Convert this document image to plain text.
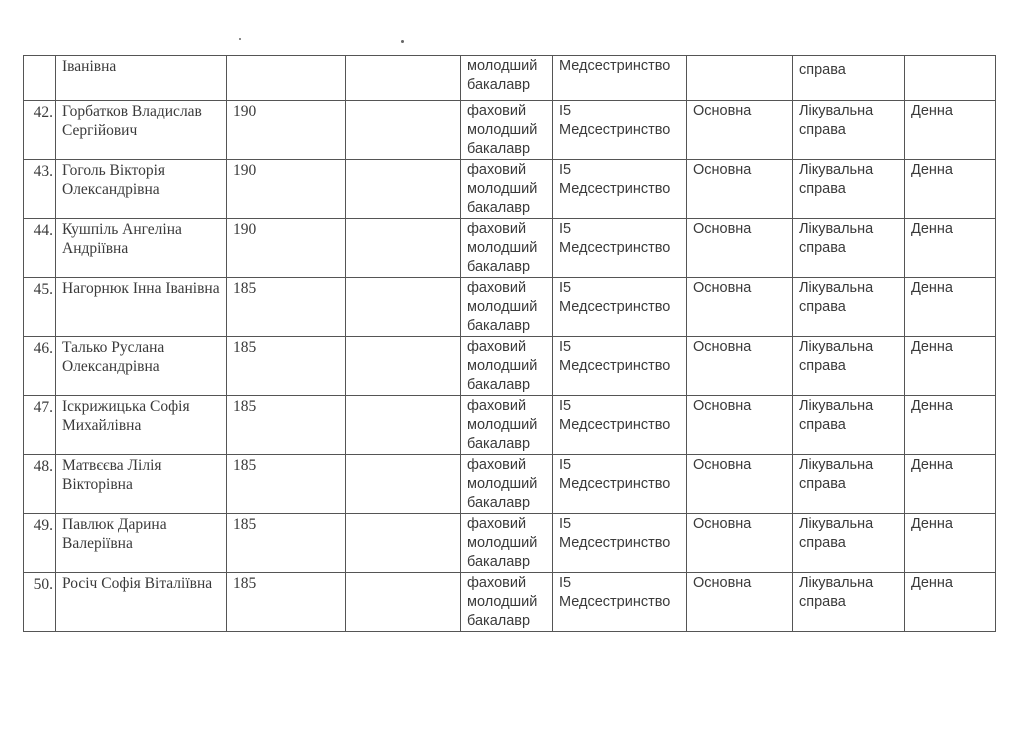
	Іванівна			молодший
бакалавр	Медсестринство		справа	

42.	Горбатков Владислав Сергійович	190		фаховий
молодший
бакалавр	I5
Медсестринство	Основна	Лікувальна
справа	Денна
43.	Гоголь Вікторія Олександрівна	190		фаховий
молодший
бакалавр	I5
Медсестринство	Основна	Лікувальна
справа	Денна
44.	Кушпіль Ангеліна Андріївна	190		фаховий
молодший
бакалавр	I5
Медсестринство	Основна	Лікувальна
справа	Денна
45.	Нагорнюк Інна Іванівна	185		фаховий
молодший
бакалавр	I5
Медсестринство	Основна	Лікувальна
справа	Денна
46.	Талько Руслана Олександрівна	185		фаховий
молодший
бакалавр	I5
Медсестринство	Основна	Лікувальна
справа	Денна
47.	Іскрижицька Софія Михайлівна	185		фаховий
молодший
бакалавр	I5
Медсестринство	Основна	Лікувальна
справа	Денна
48.	Матвєєва Лілія Вікторівна	185		фаховий
молодший
бакалавр	I5
Медсестринство	Основна	Лікувальна
справа	Денна
49.	Павлюк Дарина Валеріївна	185		фаховий
молодший
бакалавр	I5
Медсестринство	Основна	Лікувальна
справа	Денна
50.	Росіч Софія Віталіївна	185		фаховий
молодший
бакалавр	I5
Медсестринство	Основна	Лікувальна
справа	Денна
